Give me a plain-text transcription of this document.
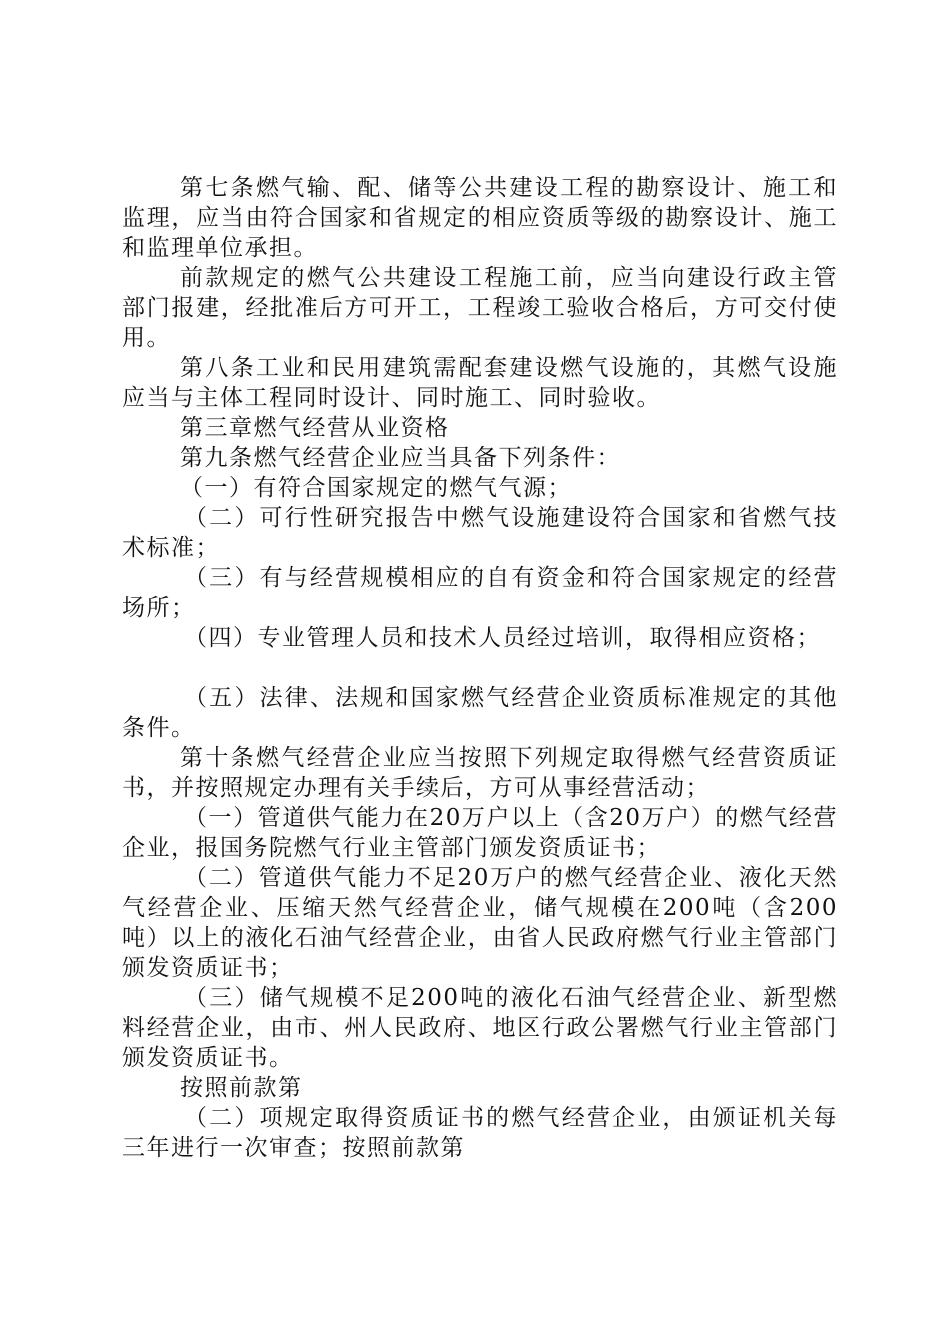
第七条燃气输、配、储等公共建设工程的勘察设计、施工和监理，应当由符合国家和省规定的相应资质等级的勘察设计、施工和监理单位承担。

前款规定的燃气公共建设工程施工前，应当向建设行政主管部门报建，经批准后方可开工，工程竣工验收合格后，方可交付使用。

第八条工业和民用建筑需配套建设燃气设施的，其燃气设施应当与主体工程同时设计、同时施工、同时验收。

第三章燃气经营从业资格

第九条燃气经营企业应当具备下列条件：

（一）有符合国家规定的燃气气源；

（二）可行性研究报告中燃气设施建设符合国家和省燃气技术标准；

（三）有与经营规模相应的自有资金和符合国家规定的经营场所；

（四）专业管理人员和技术人员经过培训，取得相应资格；

（五）法律、法规和国家燃气经营企业资质标准规定的其他条件。

第十条燃气经营企业应当按照下列规定取得燃气经营资质证书，并按照规定办理有关手续后，方可从事经营活动；

（一）管道供气能力在20万户以上（含20万户）的燃气经营企业，报国务院燃气行业主管部门颁发资质证书；

（二）管道供气能力不足20万户的燃气经营企业、液化天然气经营企业、压缩天然气经营企业，储气规模在200吨（含200吨）以上的液化石油气经营企业，由省人民政府燃气行业主管部门颁发资质证书；

（三）储气规模不足200吨的液化石油气经营企业、新型燃料经营企业，由市、州人民政府、地区行政公署燃气行业主管部门颁发资质证书。

按照前款第

（二）项规定取得资质证书的燃气经营企业，由颁证机关每三年进行一次审查；按照前款第
